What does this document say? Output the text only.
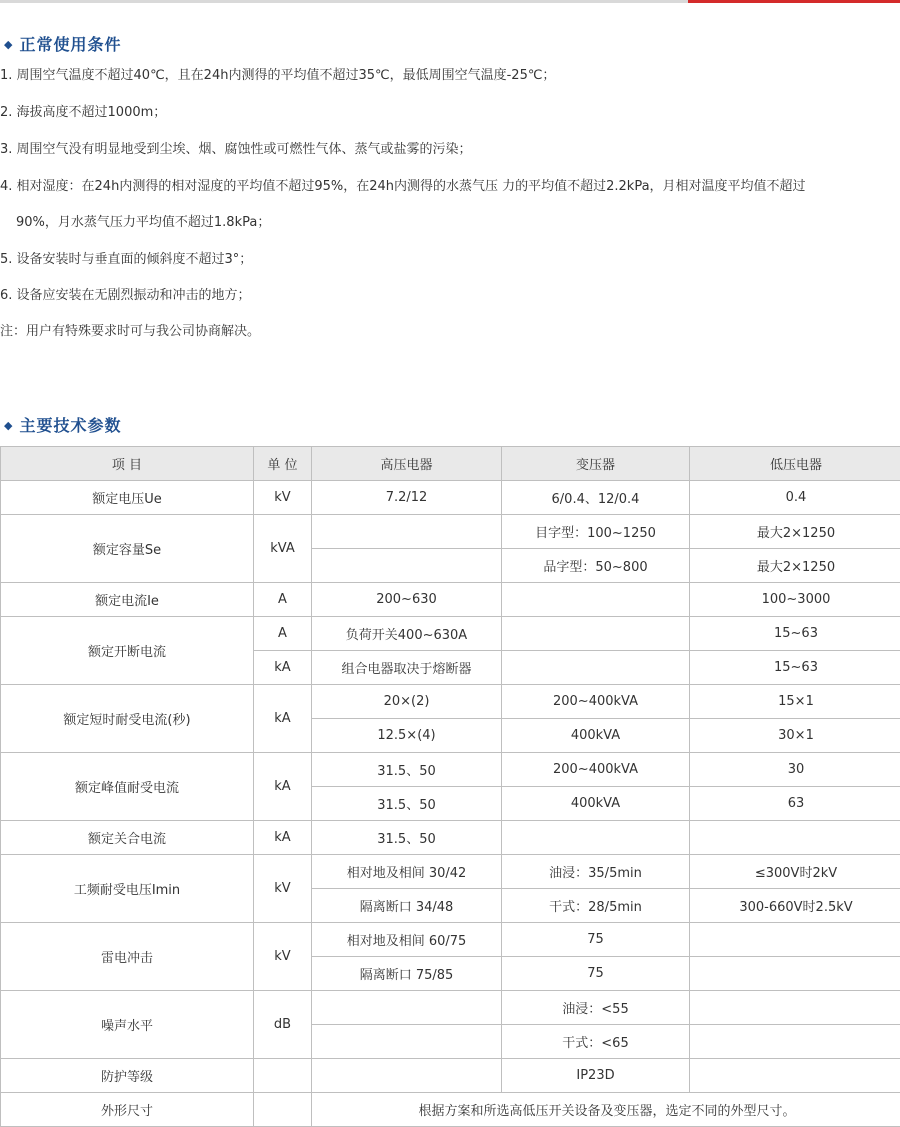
◆ 正常使用条件
1. 周围空气温度不超过40℃，且在24h内测得的平均值不超过35℃，最低周围空气温度-25℃；
2. 海拔高度不超过1000m；
3. 周围空气没有明显地受到尘埃、烟、腐蚀性或可燃性气体、蒸气或盐雾的污染；
4. 相对湿度：在24h内测得的相对湿度的平均值不超过95%，在24h内测得的水蒸气压 力的平均值不超过2.2kPa，月相对温度平均值不超过
90%，月水蒸气压力平均值不超过1.8kPa；
5. 设备安装时与垂直面的倾斜度不超过3°；
6. 设备应安装在无剧烈振动和冲击的地方；
注：用户有特殊要求时可与我公司协商解决。
◆ 主要技术参数
项 目	单 位	高压电器	变压器	低压电器
额定电压Ue	kV	7.2/12	6/0.4、12/0.4	0.4
额定容量Se	kVA		目字型：100~1250	最大2×1250
			品字型：50~800	最大2×1250
额定电流Ie	A	200~630		100~3000
额定开断电流	A	负荷开关400~630A		15~63
	kA	组合电器取决于熔断器		15~63
额定短时耐受电流(秒)	kA	20×(2)	200~400kVA	15×1
		12.5×(4)	400kVA	30×1
额定峰值耐受电流	kA	31.5、50	200~400kVA	30
		31.5、50	400kVA	63
额定关合电流	kA	31.5、50		
工频耐受电压Imin	kV	相对地及相间 30/42	油浸：35/5min	≤300V时2kV
		隔离断口 34/48	干式：28/5min	300-660V时2.5kV
雷电冲击	kV	相对地及相间 60/75	75	
		隔离断口 75/85	75	
噪声水平	dB		油浸：<55	
			干式：<65	
防护等级			IP23D	
外形尺寸		根据方案和所选高低压开关设备及变压器，选定不同的外型尺寸。		
